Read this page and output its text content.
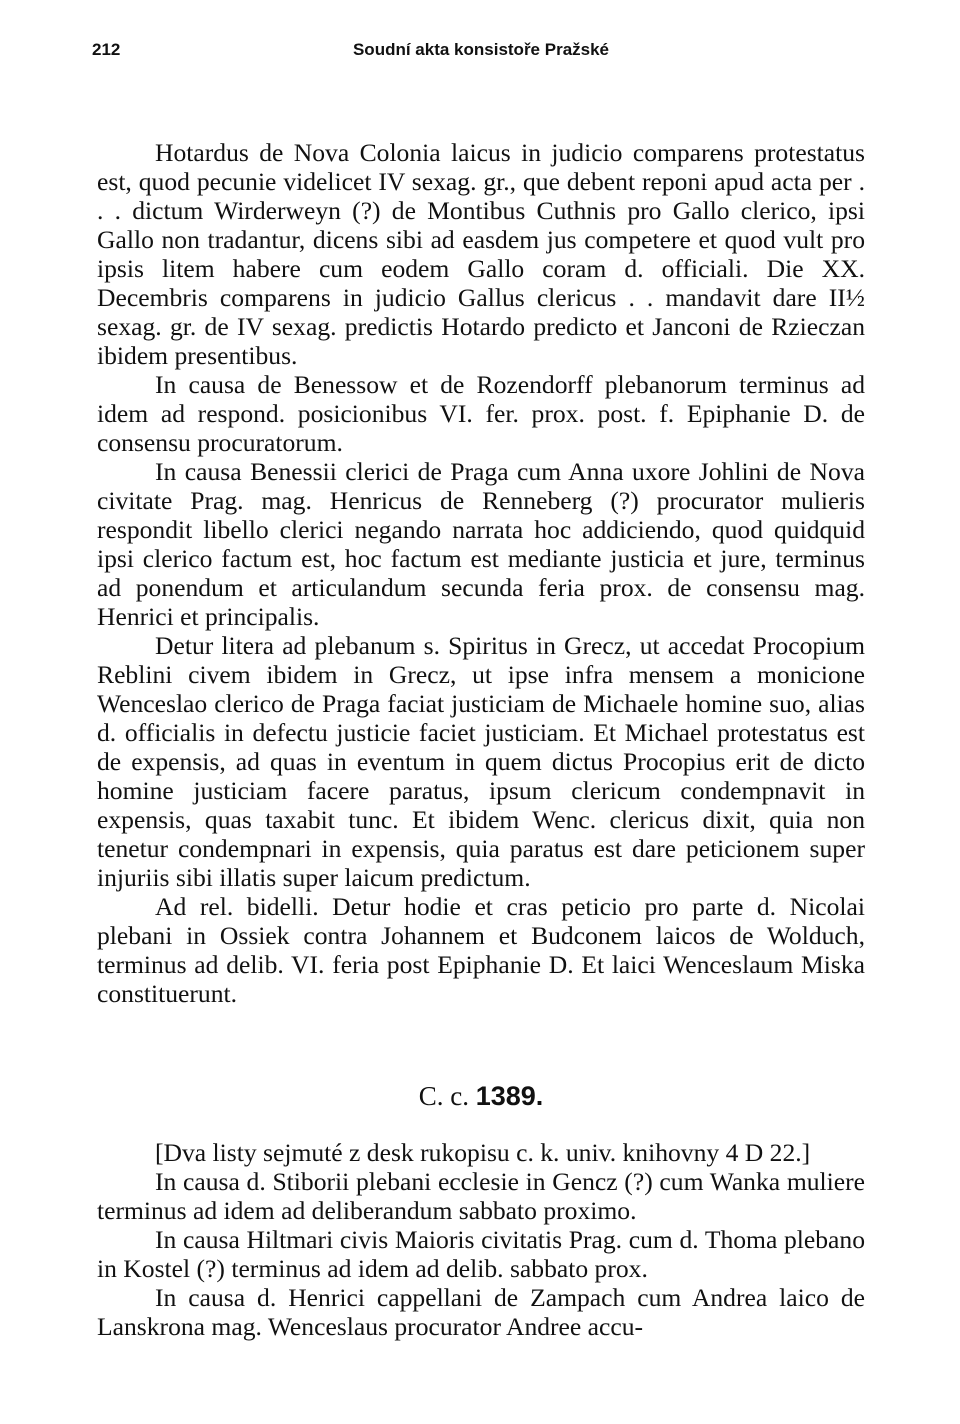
212	Soudní akta konsistoře Pražské

Hotardus de Nova Colonia laicus in judicio comparens protestatus est, quod pecunie videlicet IV sexag. gr., que debent reponi apud acta per . . . dictum Wirderweyn (?) de Montibus Cuthnis pro Gallo clerico, ipsi Gallo non tradantur, dicens sibi ad easdem jus competere et quod vult pro ipsis litem habere cum eodem Gallo coram d. officiali. Die XX. Decembris comparens in judicio Gallus clericus . . mandavit dare II½ sexag. gr. de IV sexag. predictis Hotardo predicto et Janconi de Rzieczan ibidem presentibus.

In causa de Benessow et de Rozendorff plebanorum terminus ad idem ad respond. posicionibus VI. fer. prox. post. f. Epiphanie D. de consensu procuratorum.

In causa Benessii clerici de Praga cum Anna uxore Johlini de Nova civitate Prag. mag. Henricus de Renneberg (?) procurator mulieris respondit libello clerici negando narrata hoc addiciendo, quod quidquid ipsi clerico factum est, hoc factum est mediante justicia et jure, terminus ad ponendum et articulandum secunda feria prox. de consensu mag. Henrici et principalis.

Detur litera ad plebanum s. Spiritus in Grecz, ut accedat Procopium Reblini civem ibidem in Grecz, ut ipse infra mensem a monicione Wenceslao clerico de Praga faciat justiciam de Michaele homine suo, alias d. officialis in defectu justicie faciet justiciam. Et Michael protestatus est de expensis, ad quas in eventum in quem dictus Procopius erit de dicto homine justiciam facere paratus, ipsum clericum condempnavit in expensis, quas taxabit tunc. Et ibidem Wenc. clericus dixit, quia non tenetur condempnari in expensis, quia paratus est dare peticionem super injuriis sibi illatis super laicum predictum.

Ad rel. bidelli. Detur hodie et cras peticio pro parte d. Nicolai plebani in Ossiek contra Johannem et Budconem laicos de Wolduch, terminus ad delib. VI. feria post Epiphanie D. Et laici Wenceslaum Miska constituerunt.

C. c. 1389.

[Dva listy sejmuté z desk rukopisu c. k. univ. knihovny 4 D 22.]

In causa d. Stiborii plebani ecclesie in Gencz (?) cum Wanka muliere terminus ad idem ad deliberandum sabbato proximo.

In causa Hiltmari civis Maioris civitatis Prag. cum d. Thoma plebano in Kostel (?) terminus ad idem ad delib. sabbato prox.

In causa d. Henrici cappellani de Zampach cum Andrea laico de Lanskrona mag. Wenceslaus procurator Andree accu-
